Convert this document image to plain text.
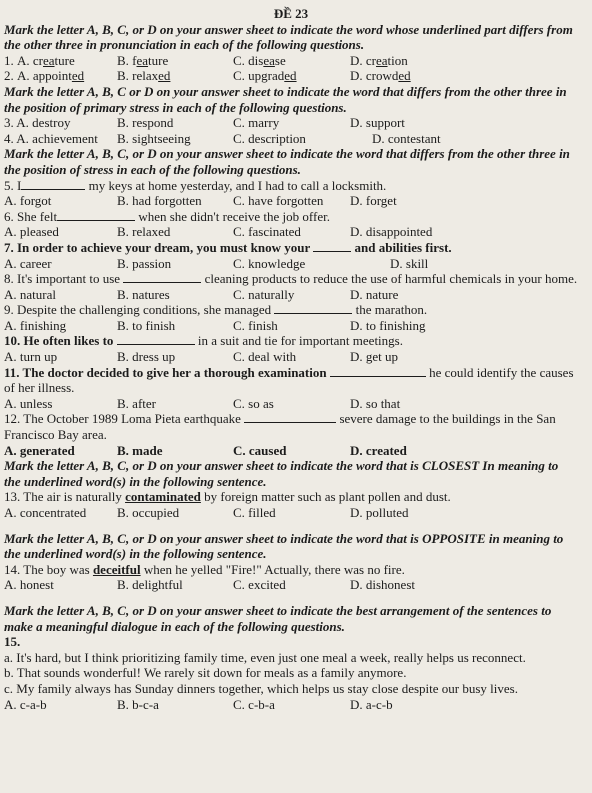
ĐỀ 23
Mark the letter A, B, C, or D on your answer sheet to indicate the word whose underlined part differs from the other three in pronunciation in each of the following questions.
1. A. creature	B. feature	C. disease	D. creation
2. A. appointed	B. relaxed	C. upgraded	D. crowded
Mark the letter A, B, C or D on your answer sheet to indicate the word that differs from the other three in the position of primary stress in each of the following questions.
3. A. destroy	B. respond	C. marry	D. support
4. A. achievement	B. sightseeing	C. description	D. contestant
Mark the letter A, B, C, or D on your answer sheet to indicate the word that differs from the other three in the position of stress in each of the following questions.
5. I	my keys at home yesterday, and I had to call a locksmith.
A. forgot	B. had forgotten	C. have forgotten	D. forget
6. She felt	when she didn't receive the job offer.
A. pleased	B. relaxed	C. fascinated	D. disappointed
7. In order to achieve your dream, you must know your	and abilities first.
A. career	B. passion	C. knowledge	D. skill
8. It's important to use	cleaning products to reduce the use of harmful chemicals in your home.
A. natural	B. natures	C. naturally	D. nature
9. Despite the challenging conditions, she managed	the marathon.
A. finishing	B. to finish	C. finish	D. to finishing
10. He often likes to	in a suit and tie for important meetings.
A. turn up	B. dress up	C. deal with	D. get up
11. The doctor decided to give her a thorough examination	he could identify the causes of her illness.
A. unless	B. after	C. so as	D. so that
12. The October 1989 Loma Pieta earthquake	severe damage to the buildings in the San Francisco Bay area.
A. generated	B. made	C. caused	D. created
Mark the letter A, B, C, or D on your answer sheet to indicate the word that is CLOSEST In meaning to the underlined word(s) in the following sentence.
13. The air is naturally contaminated by foreign matter such as plant pollen and dust.
A. concentrated	B. occupied	C. filled	D. polluted
Mark the letter A, B, C, or D on your answer sheet to indicate the word that is OPPOSITE in meaning to the underlined word(s) in the following sentence.
14. The boy was deceitful when he yelled "Fire!" Actually, there was no fire.
A. honest	B. delightful	C. excited	D. dishonest
Mark the letter A, B, C, or D on your answer sheet to indicate the best arrangement of the sentences to make a meaningful dialogue in each of the following questions.
15.
a. It's hard, but I think prioritizing family time, even just one meal a week, really helps us reconnect.
b. That sounds wonderful! We rarely sit down for meals as a family anymore.
c. My family always has Sunday dinners together, which helps us stay close despite our busy lives.
A. c-a-b	B. b-c-a	C. c-b-a	D. a-c-b
